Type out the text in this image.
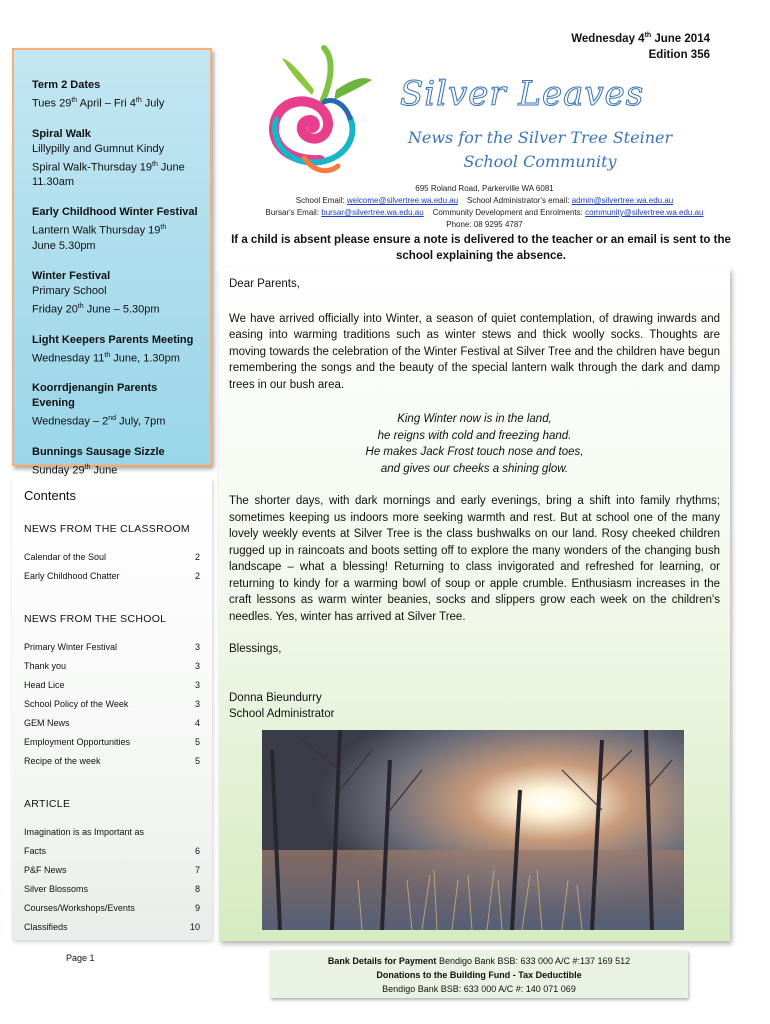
Wednesday 4th June 2014
Edition 356
Silver Leaves
News for the Silver Tree Steiner
School Community
695 Roland Road, Parkerville WA 6081
School Email: welcome@silvertree.wa.edu.au School Administrator's email: admin@silvertree.wa.edu.au
Bursar's Email: bursar@silvertree.wa.edu.au Community Development and Enrolments: community@silvertree.wa.edu.au
Phone: 08 9295 4787
If a child is absent please ensure a note is delivered to the teacher or an email is sent to the school explaining the absence.
Term 2 Dates
Tues 29th April – Fri 4th July
Spiral Walk
Lillypilly and Gumnut Kindy
Spiral Walk-Thursday 19th June
11.30am
Early Childhood Winter Festival
Lantern Walk Thursday 19th
June 5.30pm
Winter Festival
Primary School
Friday 20th June – 5.30pm
Light Keepers Parents Meeting
Wednesday 11th June, 1.30pm
Koorrdjenangin Parents Evening
Wednesday – 2nd July, 7pm
Bunnings Sausage Sizzle
Sunday 29th June
Contents
NEWS FROM THE CLASSROOM
Calendar of the Soul	2
Early Childhood Chatter	2
NEWS FROM THE SCHOOL
Primary Winter Festival	3
Thank you	3
Head Lice	3
School Policy of the Week	3
GEM News	4
Employment Opportunities	5
Recipe of the week	5
ARTICLE
Imagination is as Important as
Facts	6
P&F News	7
Silver Blossoms	8
Courses/Workshops/Events	9
Classifieds	10

Dear Parents,

We have arrived officially into Winter, a season of quiet contemplation, of drawing inwards and easing into warming traditions such as winter stews and thick woolly socks. Thoughts are moving towards the celebration of the Winter Festival at Silver Tree and the children have begun remembering the songs and the beauty of the special lantern walk through the dark and damp trees in our bush area.

King Winter now is in the land,
he reigns with cold and freezing hand.
He makes Jack Frost touch nose and toes,
and gives our cheeks a shining glow.

The shorter days, with dark mornings and early evenings, bring a shift into family rhythms; sometimes keeping us indoors more seeking warmth and rest. But at school one of the many lovely weekly events at Silver Tree is the class bushwalks on our land. Rosy cheeked children rugged up in raincoats and boots setting off to explore the many wonders of the changing bush landscape – what a blessing! Returning to class invigorated and refreshed for learning, or returning to kindy for a warming bowl of soup or apple crumble. Enthusiasm increases in the craft lessons as warm winter beanies, socks and slippers grow each week on the children's needles. Yes, winter has arrived at Silver Tree.

Blessings,

Donna Bieundurry

School Administrator

Page 1	Bank Details for Payment Bendigo Bank BSB: 633 000 A/C #:137 169 512
Donations to the Building Fund - Tax Deductible
Bendigo Bank BSB: 633 000 A/C #: 140 071 069
